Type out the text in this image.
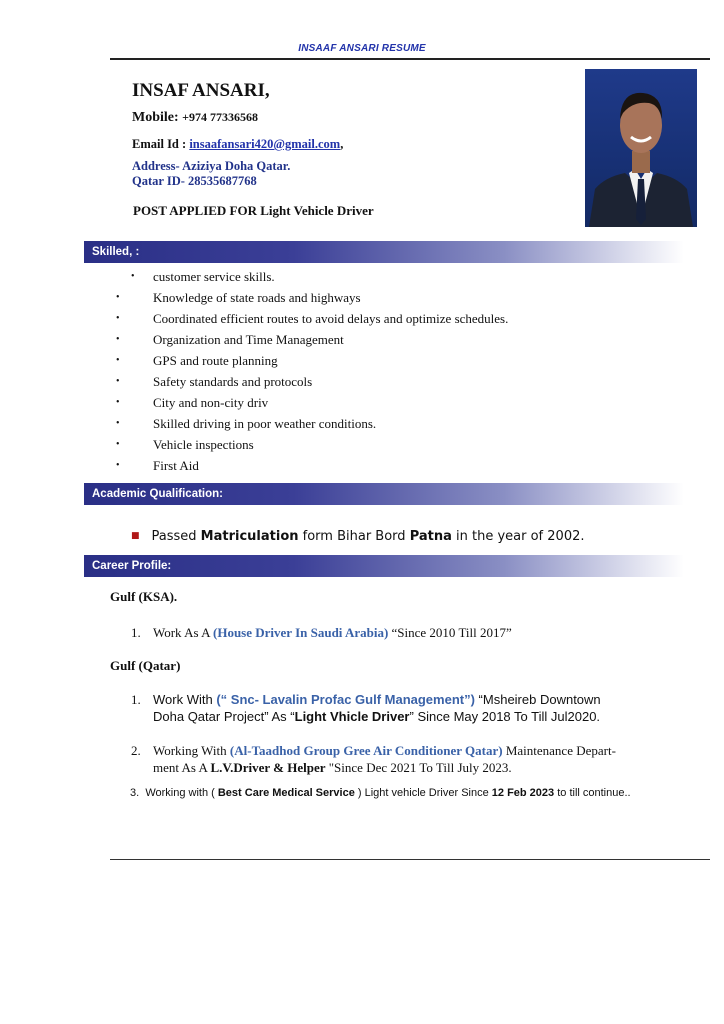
INSAAF ANSARI RESUME
INSAF ANSARI,
Mobile: +974 77336568
Email Id : insaafansari420@gmail.com,
Address- Aziziya Doha Qatar.
Qatar ID- 28535687768
POST APPLIED FOR Light Vehicle Driver
Skilled, :
• customer service skills.
•	Knowledge of state roads and highways
•	Coordinated efficient routes to avoid delays and optimize schedules.
•	Organization and Time Management
•	GPS and route planning
•	Safety standards and protocols
•	City and non-city driv
•	Skilled driving in poor weather conditions.
•	Vehicle inspections
•	First Aid
Academic Qualification:
■ Passed Matriculation form Bihar Bord Patna in the year of 2002.
Career Profile:
Gulf (KSA).
1. Work As A (House Driver In Saudi Arabia) “Since 2010 Till 2017”
Gulf (Qatar)
1. Work With (“ Snc- Lavalin Profac Gulf Management”) “Msheireb Downtown
Doha Qatar Project” As “Light Vhicle Driver” Since May 2018 To Till Jul2020.
2. Working With (Al-Taadhod Group Gree Air Conditioner Qatar) Maintenance Depart-
ment As A L.V.Driver & Helper "Since Dec 2021 To Till July 2023.
3. Working with ( Best Care Medical Service ) Light vehicle Driver Since 12 Feb 2023 to till continue..
